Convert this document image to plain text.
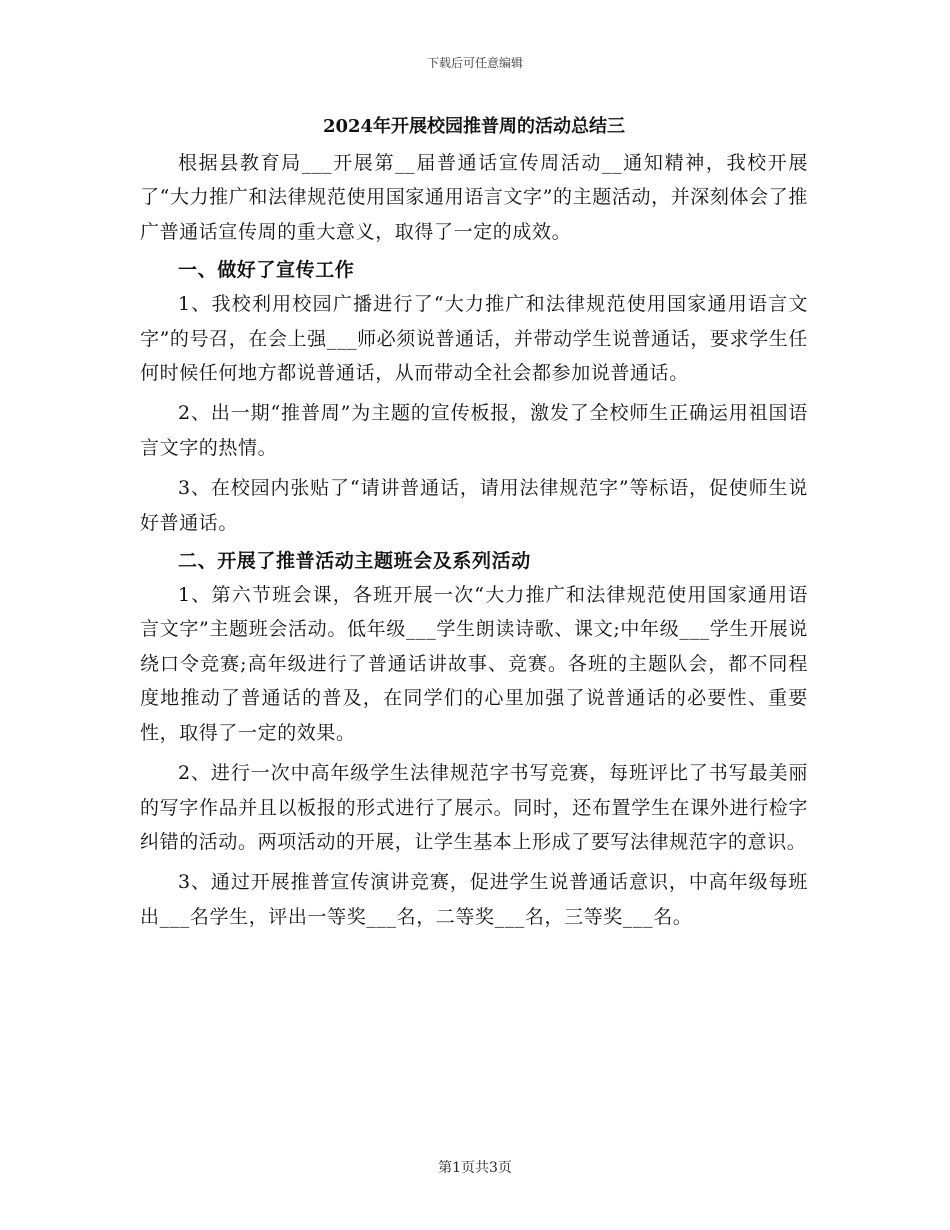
下载后可任意编辑
2024年开展校园推普周的活动总结三

根据县教育局___开展第__届普通话宣传周活动__通知精神，我校开展了“大力推广和法律规范使用国家通用语言文字”的主题活动，并深刻体会了推广普通话宣传周的重大意义，取得了一定的成效。

一、做好了宣传工作

1、我校利用校园广播进行了“大力推广和法律规范使用国家通用语言文字”的号召，在会上强___师必须说普通话，并带动学生说普通话，要求学生任何时候任何地方都说普通话，从而带动全社会都参加说普通话。

2、出一期“推普周”为主题的宣传板报，激发了全校师生正确运用祖国语言文字的热情。

3、在校园内张贴了“请讲普通话，请用法律规范字”等标语，促使师生说好普通话。

二、开展了推普活动主题班会及系列活动

1、第六节班会课，各班开展一次“大力推广和法律规范使用国家通用语言文字”主题班会活动。低年级___学生朗读诗歌、课文;中年级___学生开展说绕口令竞赛;高年级进行了普通话讲故事、竞赛。各班的主题队会，都不同程度地推动了普通话的普及，在同学们的心里加强了说普通话的必要性、重要性，取得了一定的效果。

2、进行一次中高年级学生法律规范字书写竞赛，每班评比了书写最美丽的写字作品并且以板报的形式进行了展示。同时，还布置学生在课外进行检字纠错的活动。两项活动的开展，让学生基本上形成了要写法律规范字的意识。

3、通过开展推普宣传演讲竞赛，促进学生说普通话意识，中高年级每班出___名学生，评出一等奖___名，二等奖___名，三等奖___名。

第1页共3页
